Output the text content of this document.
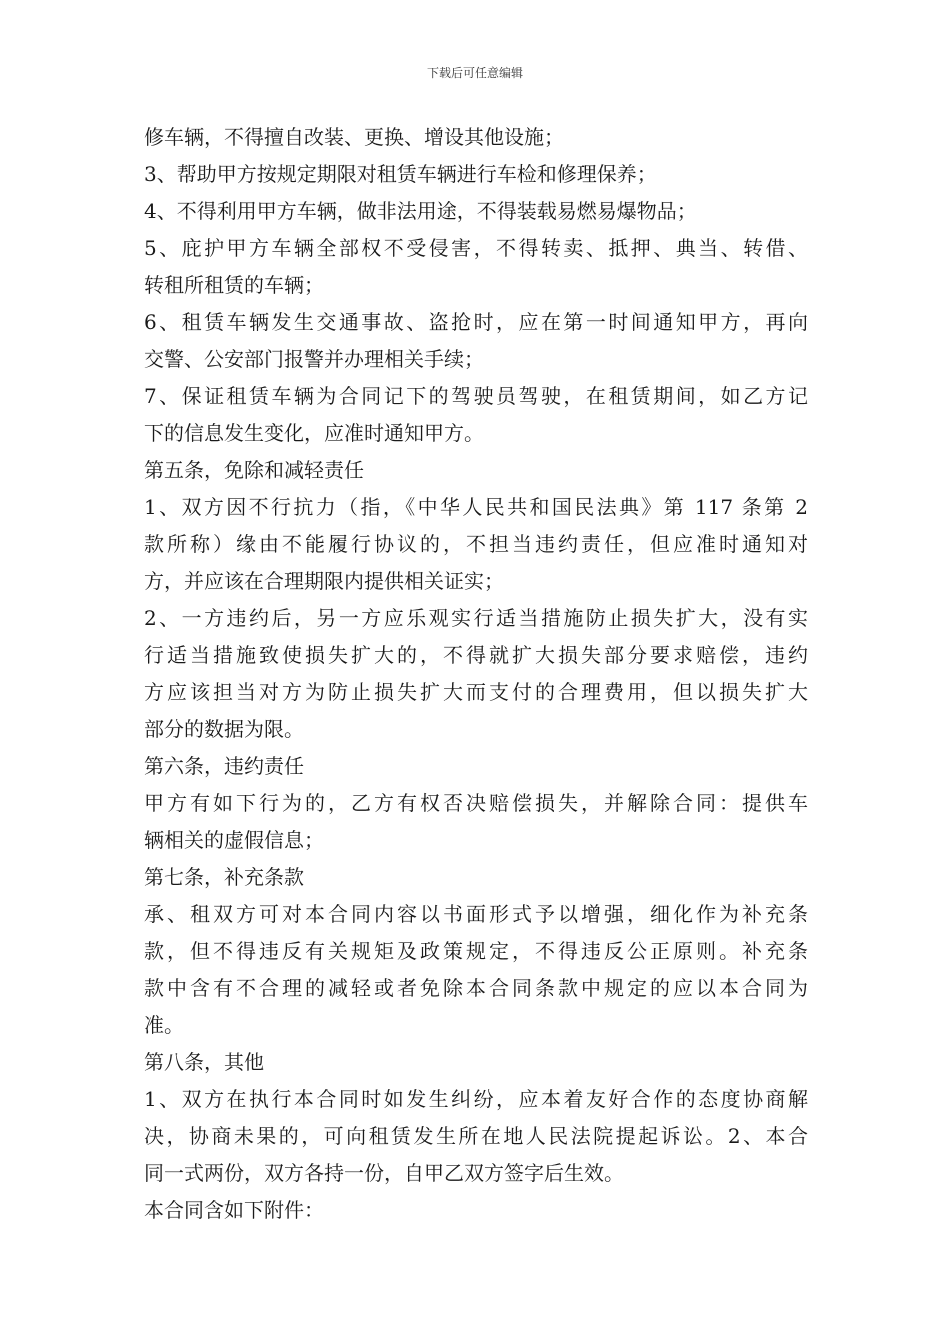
下载后可任意编辑
修车辆，不得擅自改装、更换、增设其他设施；
3、帮助甲方按规定期限对租赁车辆进行车检和修理保养；
4、不得利用甲方车辆，做非法用途，不得装载易燃易爆物品；
5、庇护甲方车辆全部权不受侵害，不得转卖、抵押、典当、转借、
转租所租赁的车辆；
6、租赁车辆发生交通事故、盗抢时，应在第一时间通知甲方，再向
交警、公安部门报警并办理相关手续；
7、保证租赁车辆为合同记下的驾驶员驾驶，在租赁期间，如乙方记
下的信息发生变化，应准时通知甲方。
第五条，免除和减轻责任
1、双方因不行抗力（指，《中华人民共和国民法典》第 117 条第 2
款所称）缘由不能履行协议的，不担当违约责任，但应准时通知对
方，并应该在合理期限内提供相关证实；
2、一方违约后，另一方应乐观实行适当措施防止损失扩大，没有实
行适当措施致使损失扩大的，不得就扩大损失部分要求赔偿，违约
方应该担当对方为防止损失扩大而支付的合理费用，但以损失扩大
部分的数据为限。
第六条，违约责任
甲方有如下行为的，乙方有权否决赔偿损失，并解除合同：提供车
辆相关的虚假信息；
第七条，补充条款
承、租双方可对本合同内容以书面形式予以增强，细化作为补充条
款，但不得违反有关规矩及政策规定，不得违反公正原则。补充条
款中含有不合理的减轻或者免除本合同条款中规定的应以本合同为
准。
第八条，其他
1、双方在执行本合同时如发生纠纷，应本着友好合作的态度协商解
决，协商未果的，可向租赁发生所在地人民法院提起诉讼。2、本合
同一式两份，双方各持一份，自甲乙双方签字后生效。
本合同含如下附件：
